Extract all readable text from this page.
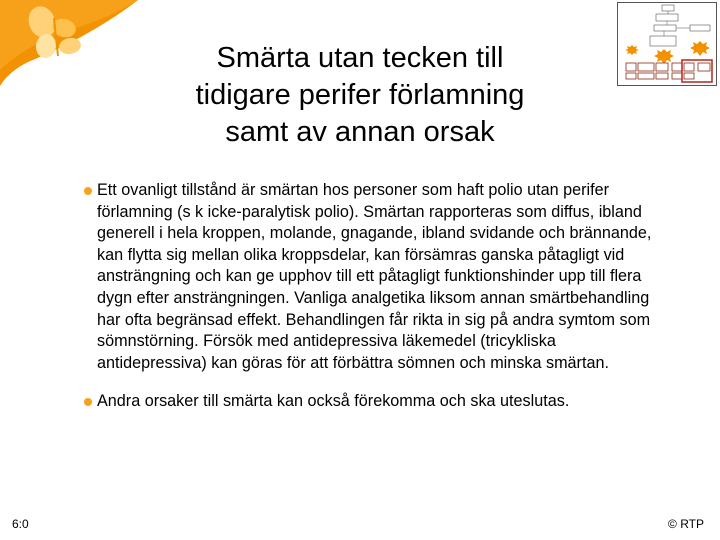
Smärta utan tecken till
tidigare perifer förlamning
samt av annan orsak
Ett ovanligt tillstånd är smärtan hos personer som haft polio utan perifer förlamning (s k icke-paralytisk polio). Smärtan rapporteras som diffus, ibland generell i hela kroppen, molande, gnagande, ibland svidande och brännande, kan flytta sig mellan olika kroppsdelar, kan försämras ganska påtagligt vid ansträngning och kan ge upphov till ett påtagligt funktionshinder upp till flera dygn efter ansträngningen. Vanliga analgetika liksom annan smärtbehandling har ofta begränsad effekt. Behandlingen får rikta in sig på andra symtom som sömnstörning. Försök med antidepressiva läkemedel (tricykliska antidepressiva) kan göras för att förbättra sömnen och minska smärtan.
Andra orsaker till smärta kan också förekomma och ska uteslutas.
6:0	© RTP
